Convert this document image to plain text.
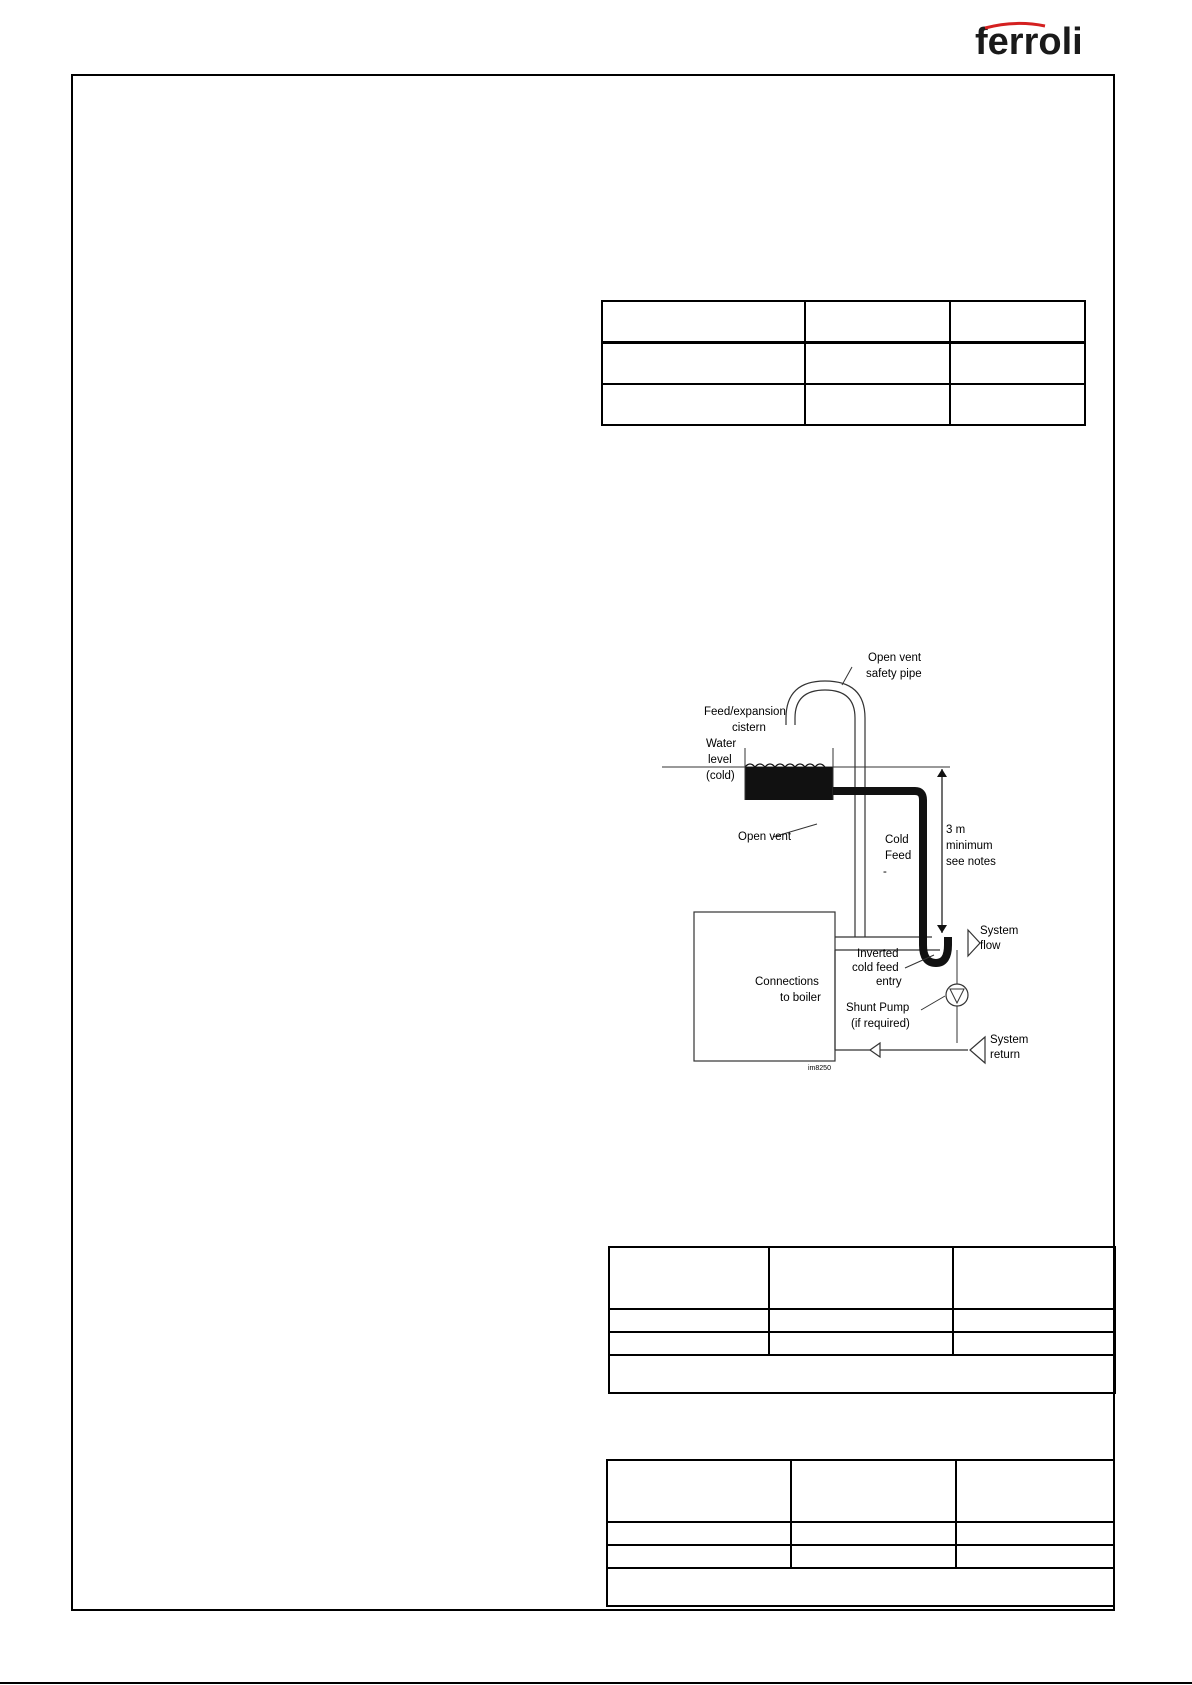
ferroli

Open vent
safety pipe
Feed/expansion
cistern
Water
level
(cold)
Open vent	Cold
Feed
-
3 m
minimum
see notes
System
flow
Inverted
cold feed
entry
Connections
to boiler
Shunt Pump
(if required)
System
return
im8250
